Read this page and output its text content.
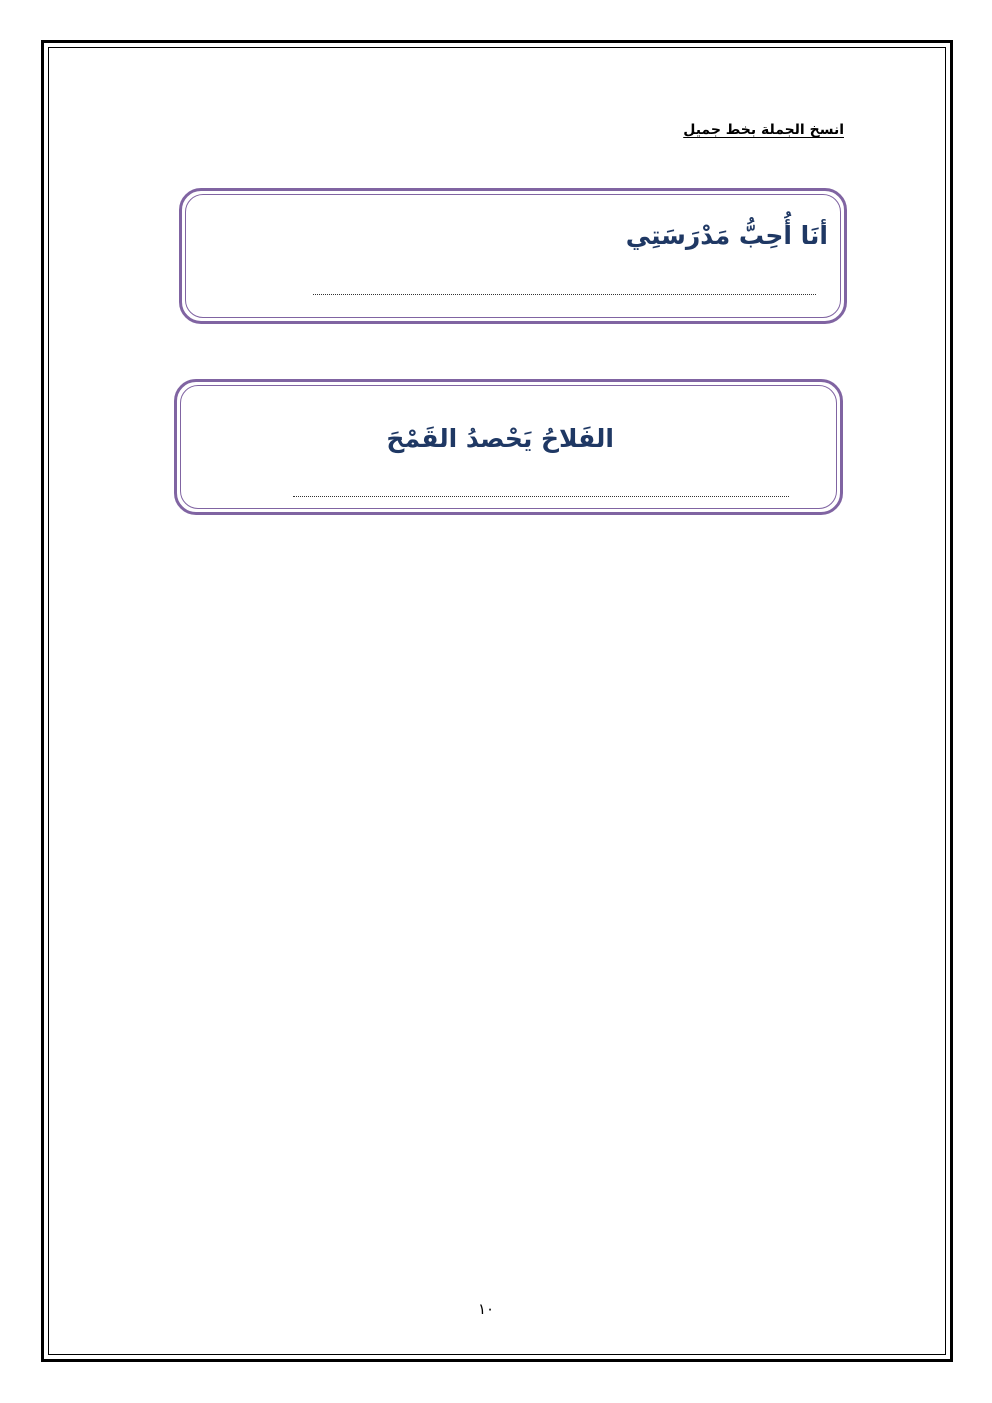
انسخ الجملة بخط جميل
أنَا أُحِبُّ مَدْرَسَتِي
الفَلاحُ يَحْصدُ القَمْحَ
١٠
